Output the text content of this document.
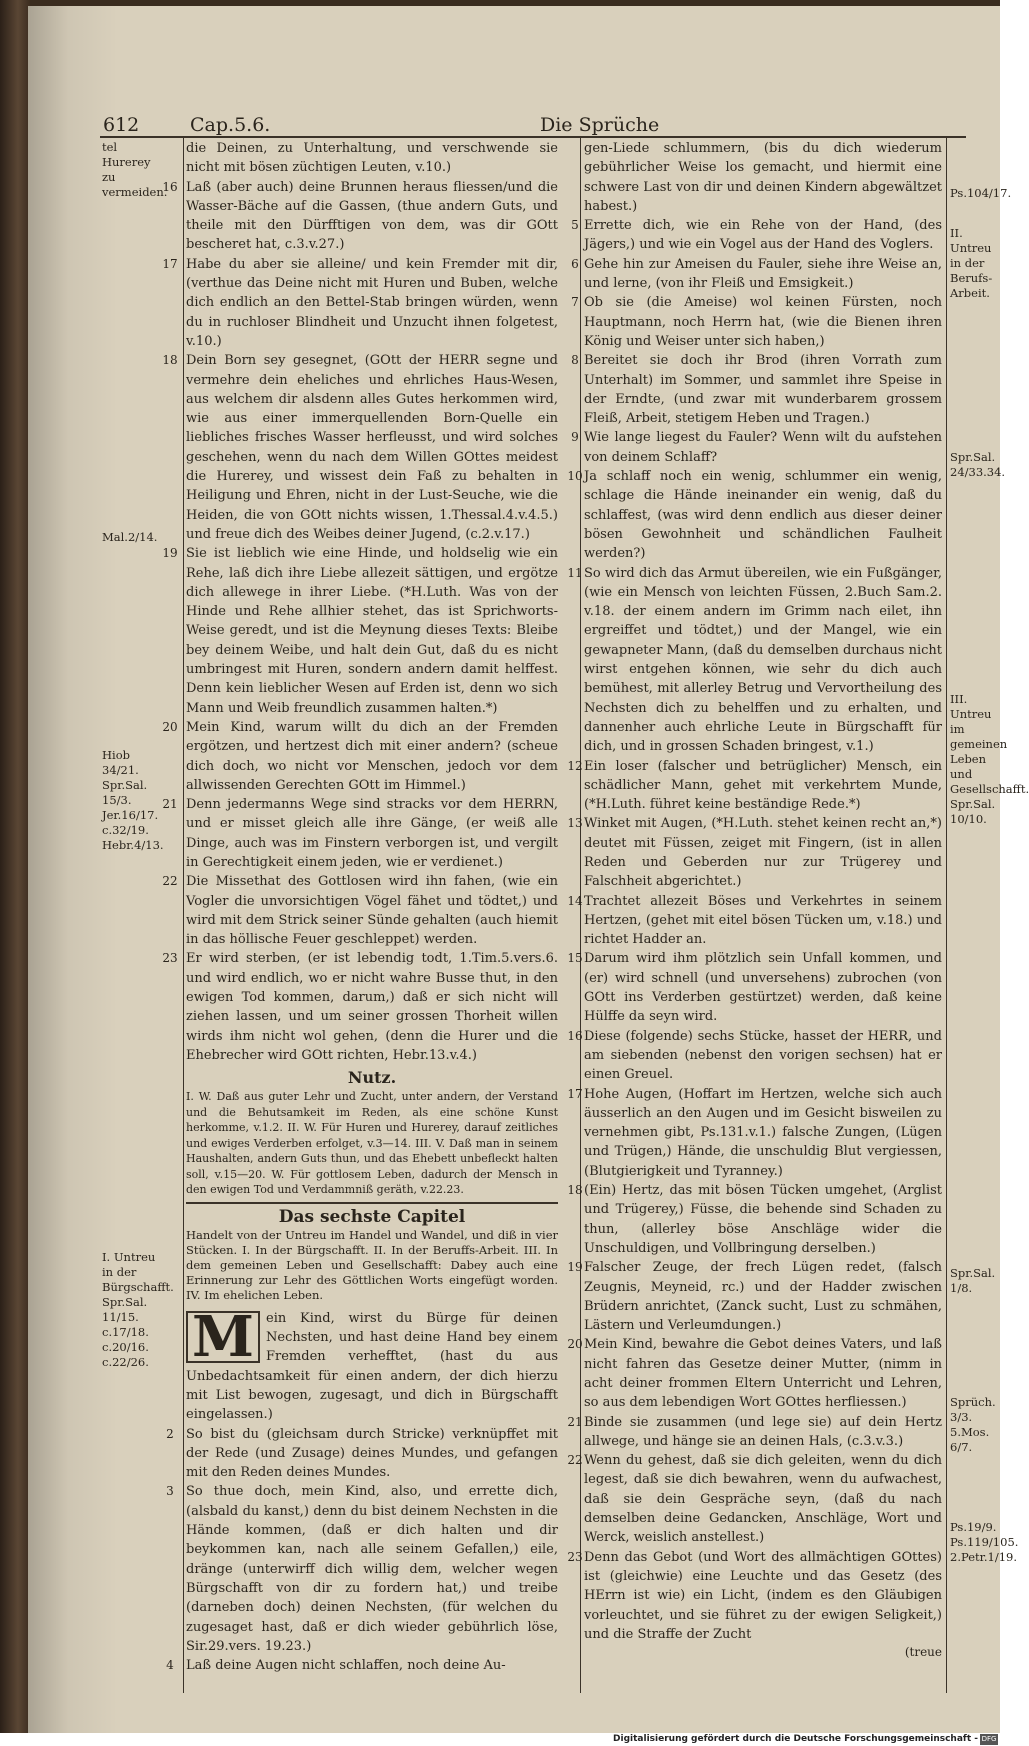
612	Cap.5.6.	Die Sprüche
tel Hurerey zu vermeiden.
Mal.2/14.
Hiob 34/21. Spr.Sal. 15/3. Jer.16/17. c.32/19. Hebr.4/13.
I. Untreu in der Bürgschafft. Spr.Sal. 11/15. c.17/18. c.20/16. c.22/26.
Ps.104/17.
II. Untreu in der Berufs-Arbeit.
Spr.Sal. 24/33.34.
III. Untreu im gemeinen Leben und Gesellschafft. Spr.Sal. 10/10.
Spr.Sal. 1/8.
Sprüch. 3/3. 5.Mos. 6/7.
Ps.19/9. Ps.119/105. 2.Petr.1/19.
die Deinen, zu Unterhaltung, und verschwende sie nicht mit bösen züchtigen Leuten, v.10.)
16 Laß (aber auch) deine Brunnen heraus fliessen/und die Wasser-Bäche auf die Gassen, (thue andern Guts, und theile mit den Dürfftigen von dem, was dir GOtt bescheret hat, c.3.v.27.)
17 Habe du aber sie alleine/ und kein Fremder mit dir, (verthue das Deine nicht mit Huren und Buben, welche dich endlich an den Bettel-Stab bringen würden, wenn du in ruchloser Blindheit und Unzucht ihnen folgetest, v.10.)
18 Dein Born sey gesegnet, (GOtt der HERR segne und vermehre dein eheliches und ehrliches Haus-Wesen, aus welchem dir alsdenn alles Gutes herkommen wird, wie aus einer immerquellenden Born-Quelle ein liebliches frisches Wasser herfleusst, und wird solches geschehen, wenn du nach dem Willen GOttes meidest die Hurerey, und wissest dein Faß zu behalten in Heiligung und Ehren, nicht in der Lust-Seuche, wie die Heiden, die von GOtt nichts wissen, 1.Thessal.4.v.4.5.) und freue dich des Weibes deiner Jugend, (c.2.v.17.)
19 Sie ist lieblich wie eine Hinde, und holdselig wie ein Rehe, laß dich ihre Liebe allezeit sättigen, und ergötze dich allewege in ihrer Liebe. (*H.Luth. Was von der Hinde und Rehe allhier stehet, das ist Sprichworts-Weise geredt, und ist die Meynung dieses Texts: Bleibe bey deinem Weibe, und halt dein Gut, daß du es nicht umbringest mit Huren, sondern andern damit helffest. Denn kein lieblicher Wesen auf Erden ist, denn wo sich Mann und Weib freundlich zusammen halten.*)
20 Mein Kind, warum willt du dich an der Fremden ergötzen, und hertzest dich mit einer andern? (scheue dich doch, wo nicht vor Menschen, jedoch vor dem allwissenden Gerechten GOtt im Himmel.)
21 Denn jedermanns Wege sind stracks vor dem HERRN, und er misset gleich alle ihre Gänge, (er weiß alle Dinge, auch was im Finstern verborgen ist, und vergilt in Gerechtigkeit einem jeden, wie er verdienet.)
22 Die Missethat des Gottlosen wird ihn fahen, (wie ein Vogler die unvorsichtigen Vögel fähet und tödtet,) und wird mit dem Strick seiner Sünde gehalten (auch hiemit in das höllische Feuer geschleppet) werden.
23 Er wird sterben, (er ist lebendig todt, 1.Tim.5.vers.6. und wird endlich, wo er nicht wahre Busse thut, in den ewigen Tod kommen, darum,) daß er sich nicht will ziehen lassen, und um seiner grossen Thorheit willen wirds ihm nicht wol gehen, (denn die Hurer und die Ehebrecher wird GOtt richten, Hebr.13.v.4.)
Nutz.
I. W. Daß aus guter Lehr und Zucht, unter andern, der Verstand und die Behutsamkeit im Reden, als eine schöne Kunst herkomme, v.1.2. II. W. Für Huren und Hurerey, darauf zeitliches und ewiges Verderben erfolget, v.3—14. III. V. Daß man in seinem Haushalten, andern Guts thun, und das Ehebett unbefleckt halten soll, v.15—20. W. Für gottlosem Leben, dadurch der Mensch in den ewigen Tod und Verdammniß geräth, v.22.23.
Das sechste Capitel
Handelt von der Untreu im Handel und Wandel, und diß in vier Stücken. I. In der Bürgschafft. II. In der Beruffs-Arbeit. III. In dem gemeinen Leben und Gesellschafft: Dabey auch eine Erinnerung zur Lehr des Göttlichen Worts eingefügt worden. IV. Im ehelichen Leben.
M ein Kind, wirst du Bürge für deinen Nechsten, und hast deine Hand bey einem Fremden verhefftet, (hast du aus Unbedachtsamkeit für einen andern, der dich hierzu mit List bewogen, zugesagt, und dich in Bürgschafft eingelassen.)
2 So bist du (gleichsam durch Stricke) verknüpffet mit der Rede (und Zusage) deines Mundes, und gefangen mit den Reden deines Mundes.
3 So thue doch, mein Kind, also, und errette dich, (alsbald du kanst,) denn du bist deinem Nechsten in die Hände kommen, (daß er dich halten und dir beykommen kan, nach alle seinem Gefallen,) eile, dränge (unterwirff dich willig dem, welcher wegen Bürgschafft von dir zu fordern hat,) und treibe (darneben doch) deinen Nechsten, (für welchen du zugesaget hast, daß er dich wieder gebührlich löse, Sir.29.vers. 19.23.)
4 Laß deine Augen nicht schlaffen, noch deine Au-
gen-Liede schlummern, (bis du dich wiederum gebührlicher Weise los gemacht, und hiermit eine schwere Last von dir und deinen Kindern abgewältzet habest.)
5 Errette dich, wie ein Rehe von der Hand, (des Jägers,) und wie ein Vogel aus der Hand des Voglers.
6 Gehe hin zur Ameisen du Fauler, siehe ihre Weise an, und lerne, (von ihr Fleiß und Emsigkeit.)
7 Ob sie (die Ameise) wol keinen Fürsten, noch Hauptmann, noch Herrn hat, (wie die Bienen ihren König und Weiser unter sich haben,)
8 Bereitet sie doch ihr Brod (ihren Vorrath zum Unterhalt) im Sommer, und sammlet ihre Speise in der Erndte, (und zwar mit wunderbarem grossem Fleiß, Arbeit, stetigem Heben und Tragen.)
9 Wie lange liegest du Fauler? Wenn wilt du aufstehen von deinem Schlaff?
10 Ja schlaff noch ein wenig, schlummer ein wenig, schlage die Hände ineinander ein wenig, daß du schlaffest, (was wird denn endlich aus dieser deiner bösen Gewohnheit und schändlichen Faulheit werden?)
11 So wird dich das Armut übereilen, wie ein Fußgänger, (wie ein Mensch von leichten Füssen, 2.Buch Sam.2. v.18. der einem andern im Grimm nach eilet, ihn ergreiffet und tödtet,) und der Mangel, wie ein gewapneter Mann, (daß du demselben durchaus nicht wirst entgehen können, wie sehr du dich auch bemühest, mit allerley Betrug und Vervortheilung des Nechsten dich zu behelffen und zu erhalten, und dannenher auch ehrliche Leute in Bürgschafft für dich, und in grossen Schaden bringest, v.1.)
12 Ein loser (falscher und betrüglicher) Mensch, ein schädlicher Mann, gehet mit verkehrtem Munde, (*H.Luth. führet keine beständige Rede.*)
13 Winket mit Augen, (*H.Luth. stehet keinen recht an,*) deutet mit Füssen, zeiget mit Fingern, (ist in allen Reden und Geberden nur zur Trügerey und Falschheit abgerichtet.)
14 Trachtet allezeit Böses und Verkehrtes in seinem Hertzen, (gehet mit eitel bösen Tücken um, v.18.) und richtet Hadder an.
15 Darum wird ihm plötzlich sein Unfall kommen, und (er) wird schnell (und unversehens) zubrochen (von GOtt ins Verderben gestürtzet) werden, daß keine Hülffe da seyn wird.
16 Diese (folgende) sechs Stücke, hasset der HERR, und am siebenden (nebenst den vorigen sechsen) hat er einen Greuel.
17 Hohe Augen, (Hoffart im Hertzen, welche sich auch äusserlich an den Augen und im Gesicht bisweilen zu vernehmen gibt, Ps.131.v.1.) falsche Zungen, (Lügen und Trügen,) Hände, die unschuldig Blut vergiessen, (Blutgierigkeit und Tyranney.)
18 (Ein) Hertz, das mit bösen Tücken umgehet, (Arglist und Trügerey,) Füsse, die behende sind Schaden zu thun, (allerley böse Anschläge wider die Unschuldigen, und Vollbringung derselben.)
19 Falscher Zeuge, der frech Lügen redet, (falsch Zeugnis, Meyneid, rc.) und der Hadder zwischen Brüdern anrichtet, (Zanck sucht, Lust zu schmähen, Lästern und Verleumdungen.)
20 Mein Kind, bewahre die Gebot deines Vaters, und laß nicht fahren das Gesetze deiner Mutter, (nimm in acht deiner frommen Eltern Unterricht und Lehren, so aus dem lebendigen Wort GOttes herfliessen.)
21 Binde sie zusammen (und lege sie) auf dein Hertz allwege, und hänge sie an deinen Hals, (c.3.v.3.)
22 Wenn du gehest, daß sie dich geleiten, wenn du dich legest, daß sie dich bewahren, wenn du aufwachest, daß sie dein Gespräche seyn, (daß du nach demselben deine Gedancken, Anschläge, Wort und Werck, weislich anstellest.)
23 Denn das Gebot (und Wort des allmächtigen GOttes) ist (gleichwie) eine Leuchte und das Gesetz (des HErrn ist wie) ein Licht, (indem es den Gläubigen vorleuchtet, und sie führet zu der ewigen Seligkeit,) und die Straffe der Zucht
(treue
Digitalisierung gefördert durch die Deutsche Forschungsgemeinschaft - DFG
